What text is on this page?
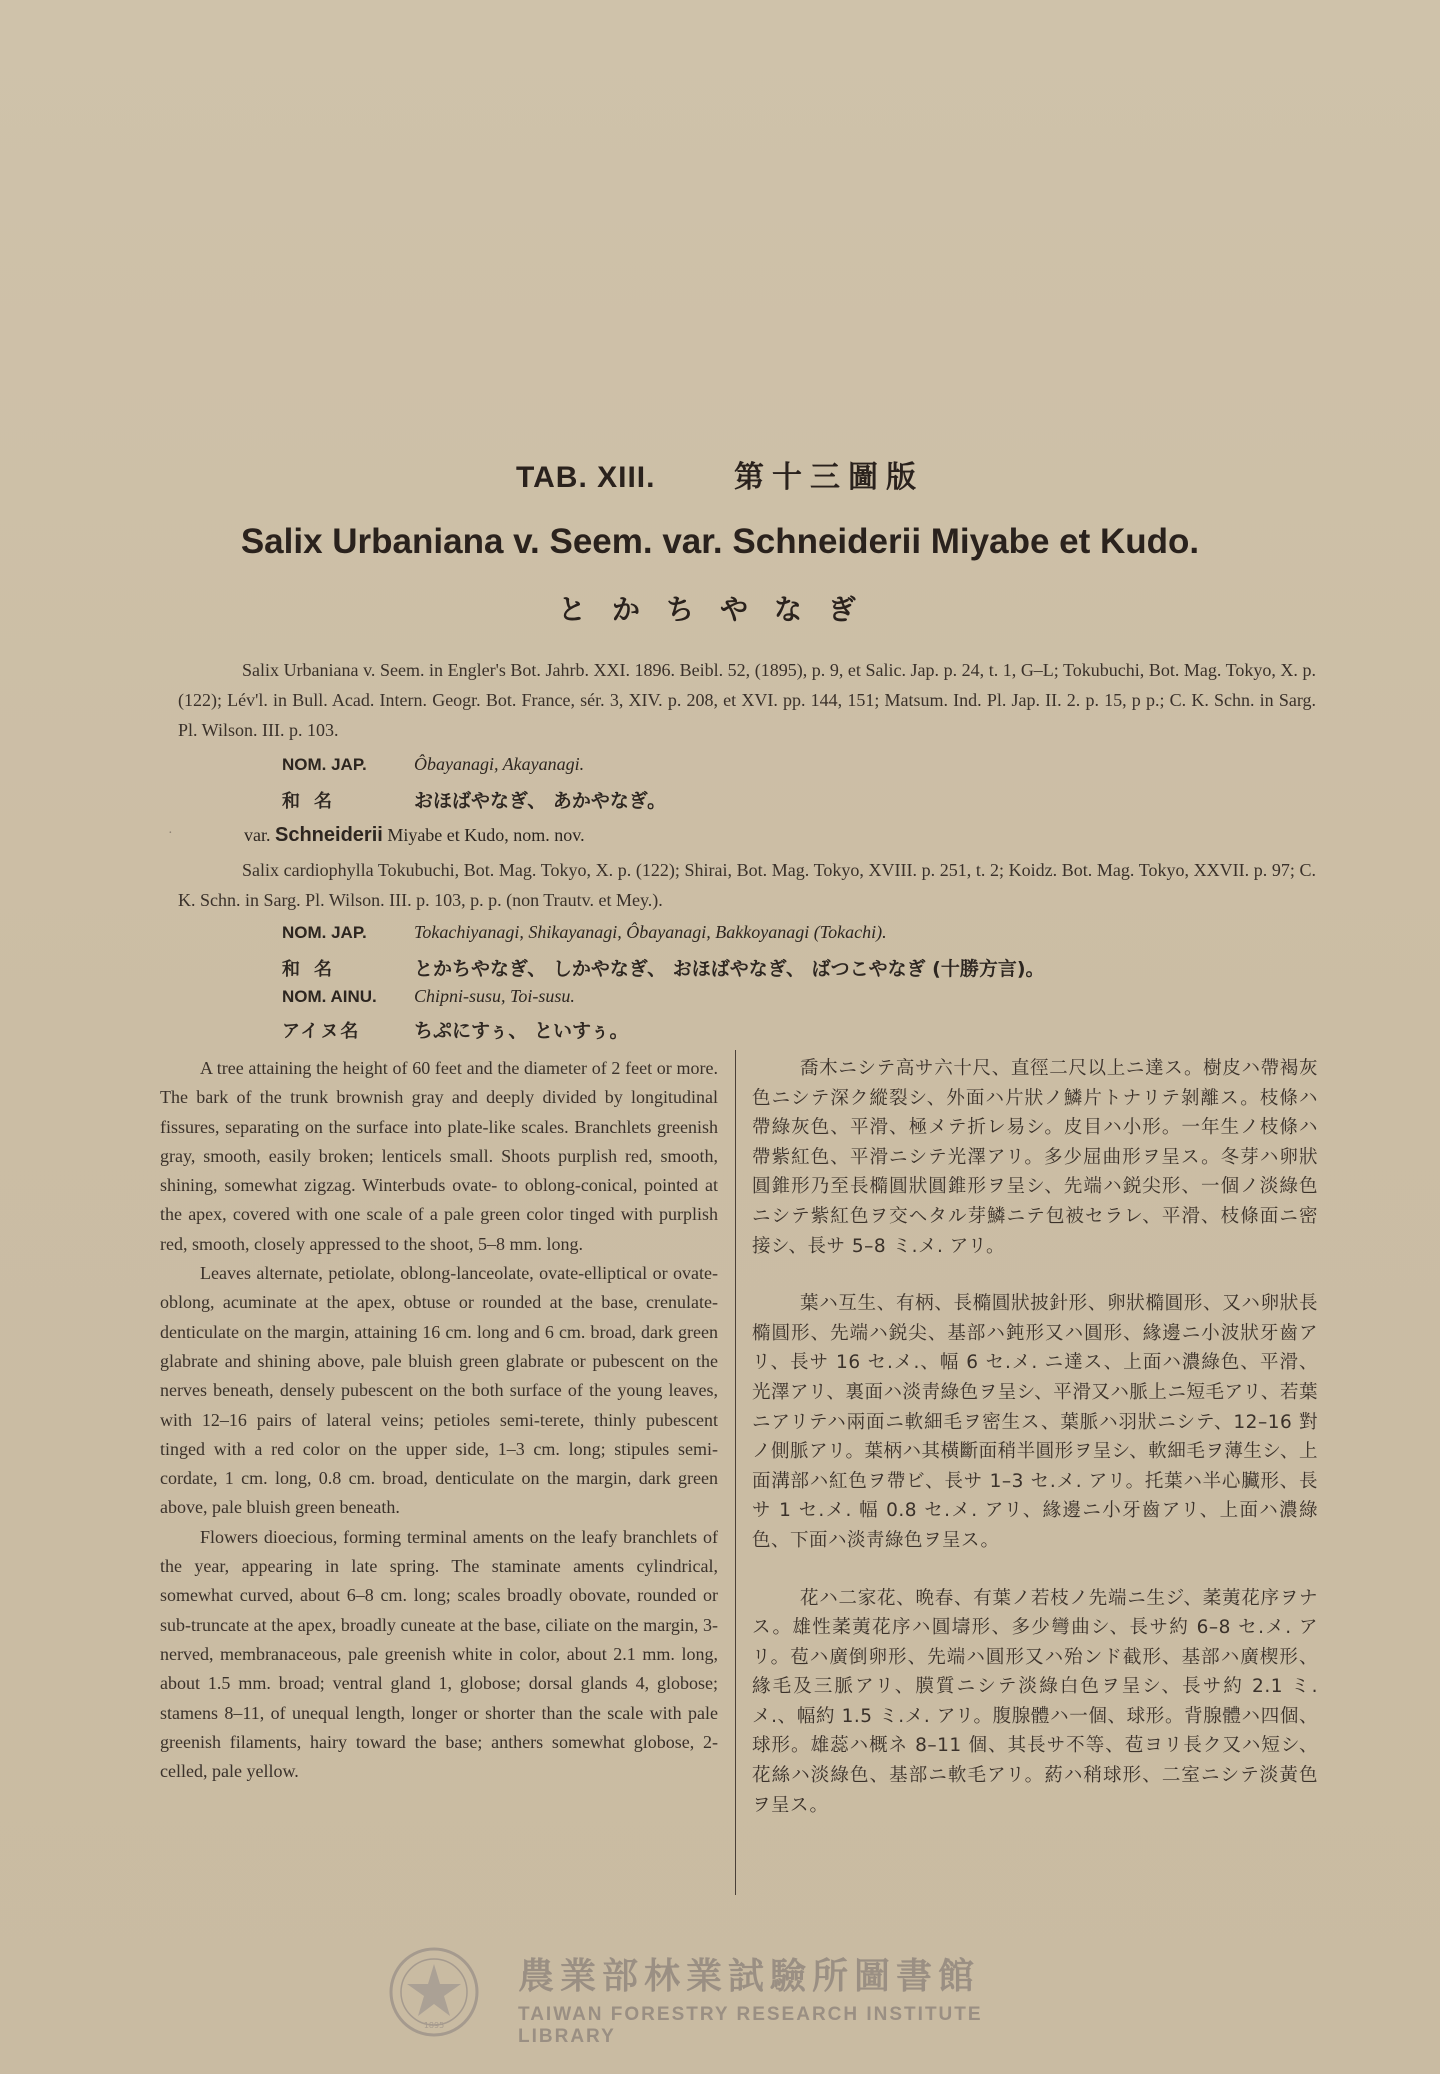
TAB. XIII.	第十三圖版
Salix Urbaniana v. Seem. var. Schneiderii Miyabe et Kudo.
とかちやなぎ
Salix Urbaniana v. Seem. in Engler's Bot. Jahrb. XXI. 1896. Beibl. 52, (1895), p. 9, et Salic. Jap. p. 24, t. 1, G–L; Tokubuchi, Bot. Mag. Tokyo, X. p. (122); Lév'l. in Bull. Acad. Intern. Geogr. Bot. France, sér. 3, XIV. p. 208, et XVI. pp. 144, 151; Matsum. Ind. Pl. Jap. II. 2. p. 15, p p.; C. K. Schn. in Sarg. Pl. Wilson. III. p. 103.
NOM. JAP.	Ôbayanagi, Akayanagi.
和名	おほばやなぎ、 あかやなぎ。
·	var. Schneiderii Miyabe et Kudo, nom. nov.
Salix cardiophylla Tokubuchi, Bot. Mag. Tokyo, X. p. (122); Shirai, Bot. Mag. Tokyo, XVIII. p. 251, t. 2; Koidz. Bot. Mag. Tokyo, XXVII. p. 97; C. K. Schn. in Sarg. Pl. Wilson. III. p. 103, p. p. (non Trautv. et Mey.).
NOM. JAP.	Tokachiyanagi, Shikayanagi, Ôbayanagi, Bakkoyanagi (Tokachi).
和名	とかちやなぎ、 しかやなぎ、 おほばやなぎ、 ばつこやなぎ (十勝方言)。
NOM. AINU. Chipni-susu, Toi-susu.
アイヌ名	ちぷにすぅ、 といすぅ。

A tree attaining the height of 60 feet and the diameter of 2 feet or more. The bark of the trunk brownish gray and deeply divided by longitudinal fissures, separating on the surface into plate-like scales. Branchlets greenish gray, smooth, easily broken; lenticels small. Shoots purplish red, smooth, shining, somewhat zigzag. Winterbuds ovate- to oblong-conical, pointed at the apex, covered with one scale of a pale green color tinged with purplish red, smooth, closely appressed to the shoot, 5–8 mm. long.

Leaves alternate, petiolate, oblong-lanceolate, ovate-elliptical or ovate-oblong, acuminate at the apex, obtuse or rounded at the base, crenulate-denticulate on the margin, attaining 16 cm. long and 6 cm. broad, dark green glabrate and shining above, pale bluish green glabrate or pubescent on the nerves beneath, densely pubescent on the both surface of the young leaves, with 12–16 pairs of lateral veins; petioles semi-terete, thinly pubescent tinged with a red color on the upper side, 1–3 cm. long; stipules semi-cordate, 1 cm. long, 0.8 cm. broad, denticulate on the margin, dark green above, pale bluish green beneath.

Flowers dioecious, forming terminal aments on the leafy branchlets of the year, appearing in late spring. The staminate aments cylindrical, somewhat curved, about 6–8 cm. long; scales broadly obovate, rounded or sub-truncate at the apex, broadly cuneate at the base, ciliate on the margin, 3-nerved, membranaceous, pale greenish white in color, about 2.1 mm. long, about 1.5 mm. broad; ventral gland 1, globose; dorsal glands 4, globose; stamens 8–11, of unequal length, longer or shorter than the scale with pale greenish filaments, hairy toward the base; anthers somewhat globose, 2-celled, pale yellow.

喬木ニシテ高サ六十尺、直徑二尺以上ニ達ス。樹皮ハ帶褐灰色ニシテ深ク縱裂シ、外面ハ片狀ノ鱗片トナリテ剝離ス。枝條ハ帶綠灰色、平滑、極メテ折レ易シ。皮目ハ小形。一年生ノ枝條ハ帶紫紅色、平滑ニシテ光澤アリ。多少屈曲形ヲ呈ス。冬芽ハ卵狀圓錐形乃至長橢圓狀圓錐形ヲ呈シ、先端ハ鋭尖形、一個ノ淡綠色ニシテ紫紅色ヲ交ヘタル芽鱗ニテ包被セラレ、平滑、枝條面ニ密接シ、長サ 5–8 ミ.メ. アリ。

葉ハ互生、有柄、長橢圓狀披針形、卵狀橢圓形、又ハ卵狀長橢圓形、先端ハ鋭尖、基部ハ鈍形又ハ圓形、緣邊ニ小波狀牙齒アリ、長サ 16 セ.メ.、幅 6 セ.メ. ニ達ス、上面ハ濃綠色、平滑、光澤アリ、裏面ハ淡靑綠色ヲ呈シ、平滑又ハ脈上ニ短毛アリ、若葉ニアリテハ兩面ニ軟細毛ヲ密生ス、葉脈ハ羽狀ニシテ、12–16 對ノ側脈アリ。葉柄ハ其橫斷面稍半圓形ヲ呈シ、軟細毛ヲ薄生シ、上面溝部ハ紅色ヲ帶ビ、長サ 1–3 セ.メ. アリ。托葉ハ半心臟形、長サ 1 セ.メ. 幅 0.8 セ.メ. アリ、緣邊ニ小牙齒アリ、上面ハ濃綠色、下面ハ淡靑綠色ヲ呈ス。

花ハ二家花、晩春、有葉ノ若枝ノ先端ニ生ジ、葇荑花序ヲナス。雄性葇荑花序ハ圓壔形、多少彎曲シ、長サ約 6–8 セ.メ. アリ。苞ハ廣倒卵形、先端ハ圓形又ハ殆ンド截形、基部ハ廣楔形、緣毛及三脈アリ、膜質ニシテ淡綠白色ヲ呈シ、長サ約 2.1 ミ.メ.、幅約 1.5 ミ.メ. アリ。腹腺體ハ一個、球形。背腺體ハ四個、球形。雄蕊ハ概ネ 8–11 個、其長サ不等、苞ヨリ長ク又ハ短シ、花絲ハ淡綠色、基部ニ軟毛アリ。葯ハ稍球形、二室ニシテ淡黃色ヲ呈ス。

1895
農業部林業試驗所圖書館
TAIWAN FORESTRY RESEARCH INSTITUTE LIBRARY
